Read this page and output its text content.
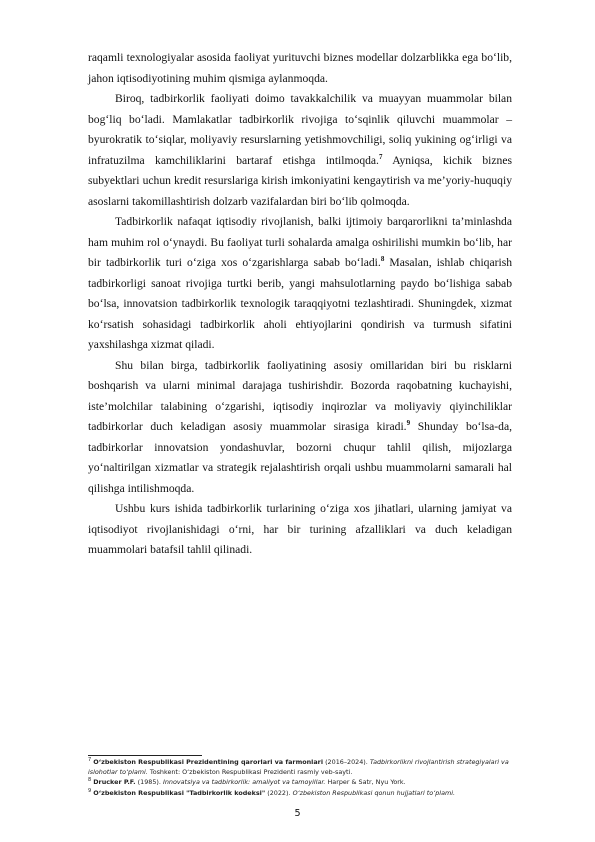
raqamli texnologiyalar asosida faoliyat yurituvchi biznes modellar dolzarblikka ega bo‘lib, jahon iqtisodiyotining muhim qismiga aylanmoqda.

Biroq, tadbirkorlik faoliyati doimo tavakkalchilik va muayyan muammolar bilan bog‘liq bo‘ladi. Mamlakatlar tadbirkorlik rivojiga to‘sqinlik qiluvchi muammolar – byurokratik to‘siqlar, moliyaviy resurslarning yetishmovchiligi, soliq yukining og‘irligi va infratuzilma kamchiliklarini bartaraf etishga intilmoqda.$^7$ Ayniqsa, kichik biznes subyektlari uchun kredit resurslariga kirish imkoniyatini kengaytirish va me’yoriy-huquqiy asoslarni takomillashtirish dolzarb vazifalardan biri bo‘lib qolmoqda.

Tadbirkorlik nafaqat iqtisodiy rivojlanish, balki ijtimoiy barqarorlikni ta’minlashda ham muhim rol o‘ynaydi. Bu faoliyat turli sohalarda amalga oshirilishi mumkin bo‘lib, har bir tadbirkorlik turi o‘ziga xos o‘zgarishlarga sabab bo‘ladi.$^8$ Masalan, ishlab chiqarish tadbirkorligi sanoat rivojiga turtki berib, yangi mahsulotlarning paydo bo‘lishiga sabab bo‘lsa, innovatsion tadbirkorlik texnologik taraqqiyotni tezlashtiradi. Shuningdek, xizmat ko‘rsatish sohasidagi tadbirkorlik aholi ehtiyojlarini qondirish va turmush sifatini yaxshilashga xizmat qiladi.

Shu bilan birga, tadbirkorlik faoliyatining asosiy omillaridan biri bu risklarni boshqarish va ularni minimal darajaga tushirishdir. Bozorda raqobatning kuchayishi, iste’molchilar talabining o‘zgarishi, iqtisodiy inqirozlar va moliyaviy qiyinchiliklar tadbirkorlar duch keladigan asosiy muammolar sirasiga kiradi.$^9$ Shunday bo‘lsa-da, tadbirkorlar innovatsion yondashuvlar, bozorni chuqur tahlil qilish, mijozlarga yo‘naltirilgan xizmatlar va strategik rejalashtirish orqali ushbu muammolarni samarali hal qilishga intilishmoqda.

Ushbu kurs ishida tadbirkorlik turlarining o‘ziga xos jihatlari, ularning jamiyat va iqtisodiyot rivojlanishidagi o‘rni, har bir turining afzalliklari va duch keladigan muammolari batafsil tahlil qilinadi.

$^7$ O‘zbekiston Respublikasi Prezidentining qarorlari va farmonlari (2016–2024). Tadbirkorlikni rivojlantirish strategiyalari va islohotlar to‘plami. Toshkent: O‘zbekiston Respublikasi Prezidenti rasmiy veb-sayti.

$^8$ Drucker P.F. (1985). Innovatsiya va tadbirkorlik: amaliyot va tamoyillar. Harper & Satr, Nyu York.

$^9$ O‘zbekiston Respublikasi "Tadbirkorlik kodeksi" (2022). O‘zbekiston Respublikasi qonun hujjatlari to‘plami.

5
